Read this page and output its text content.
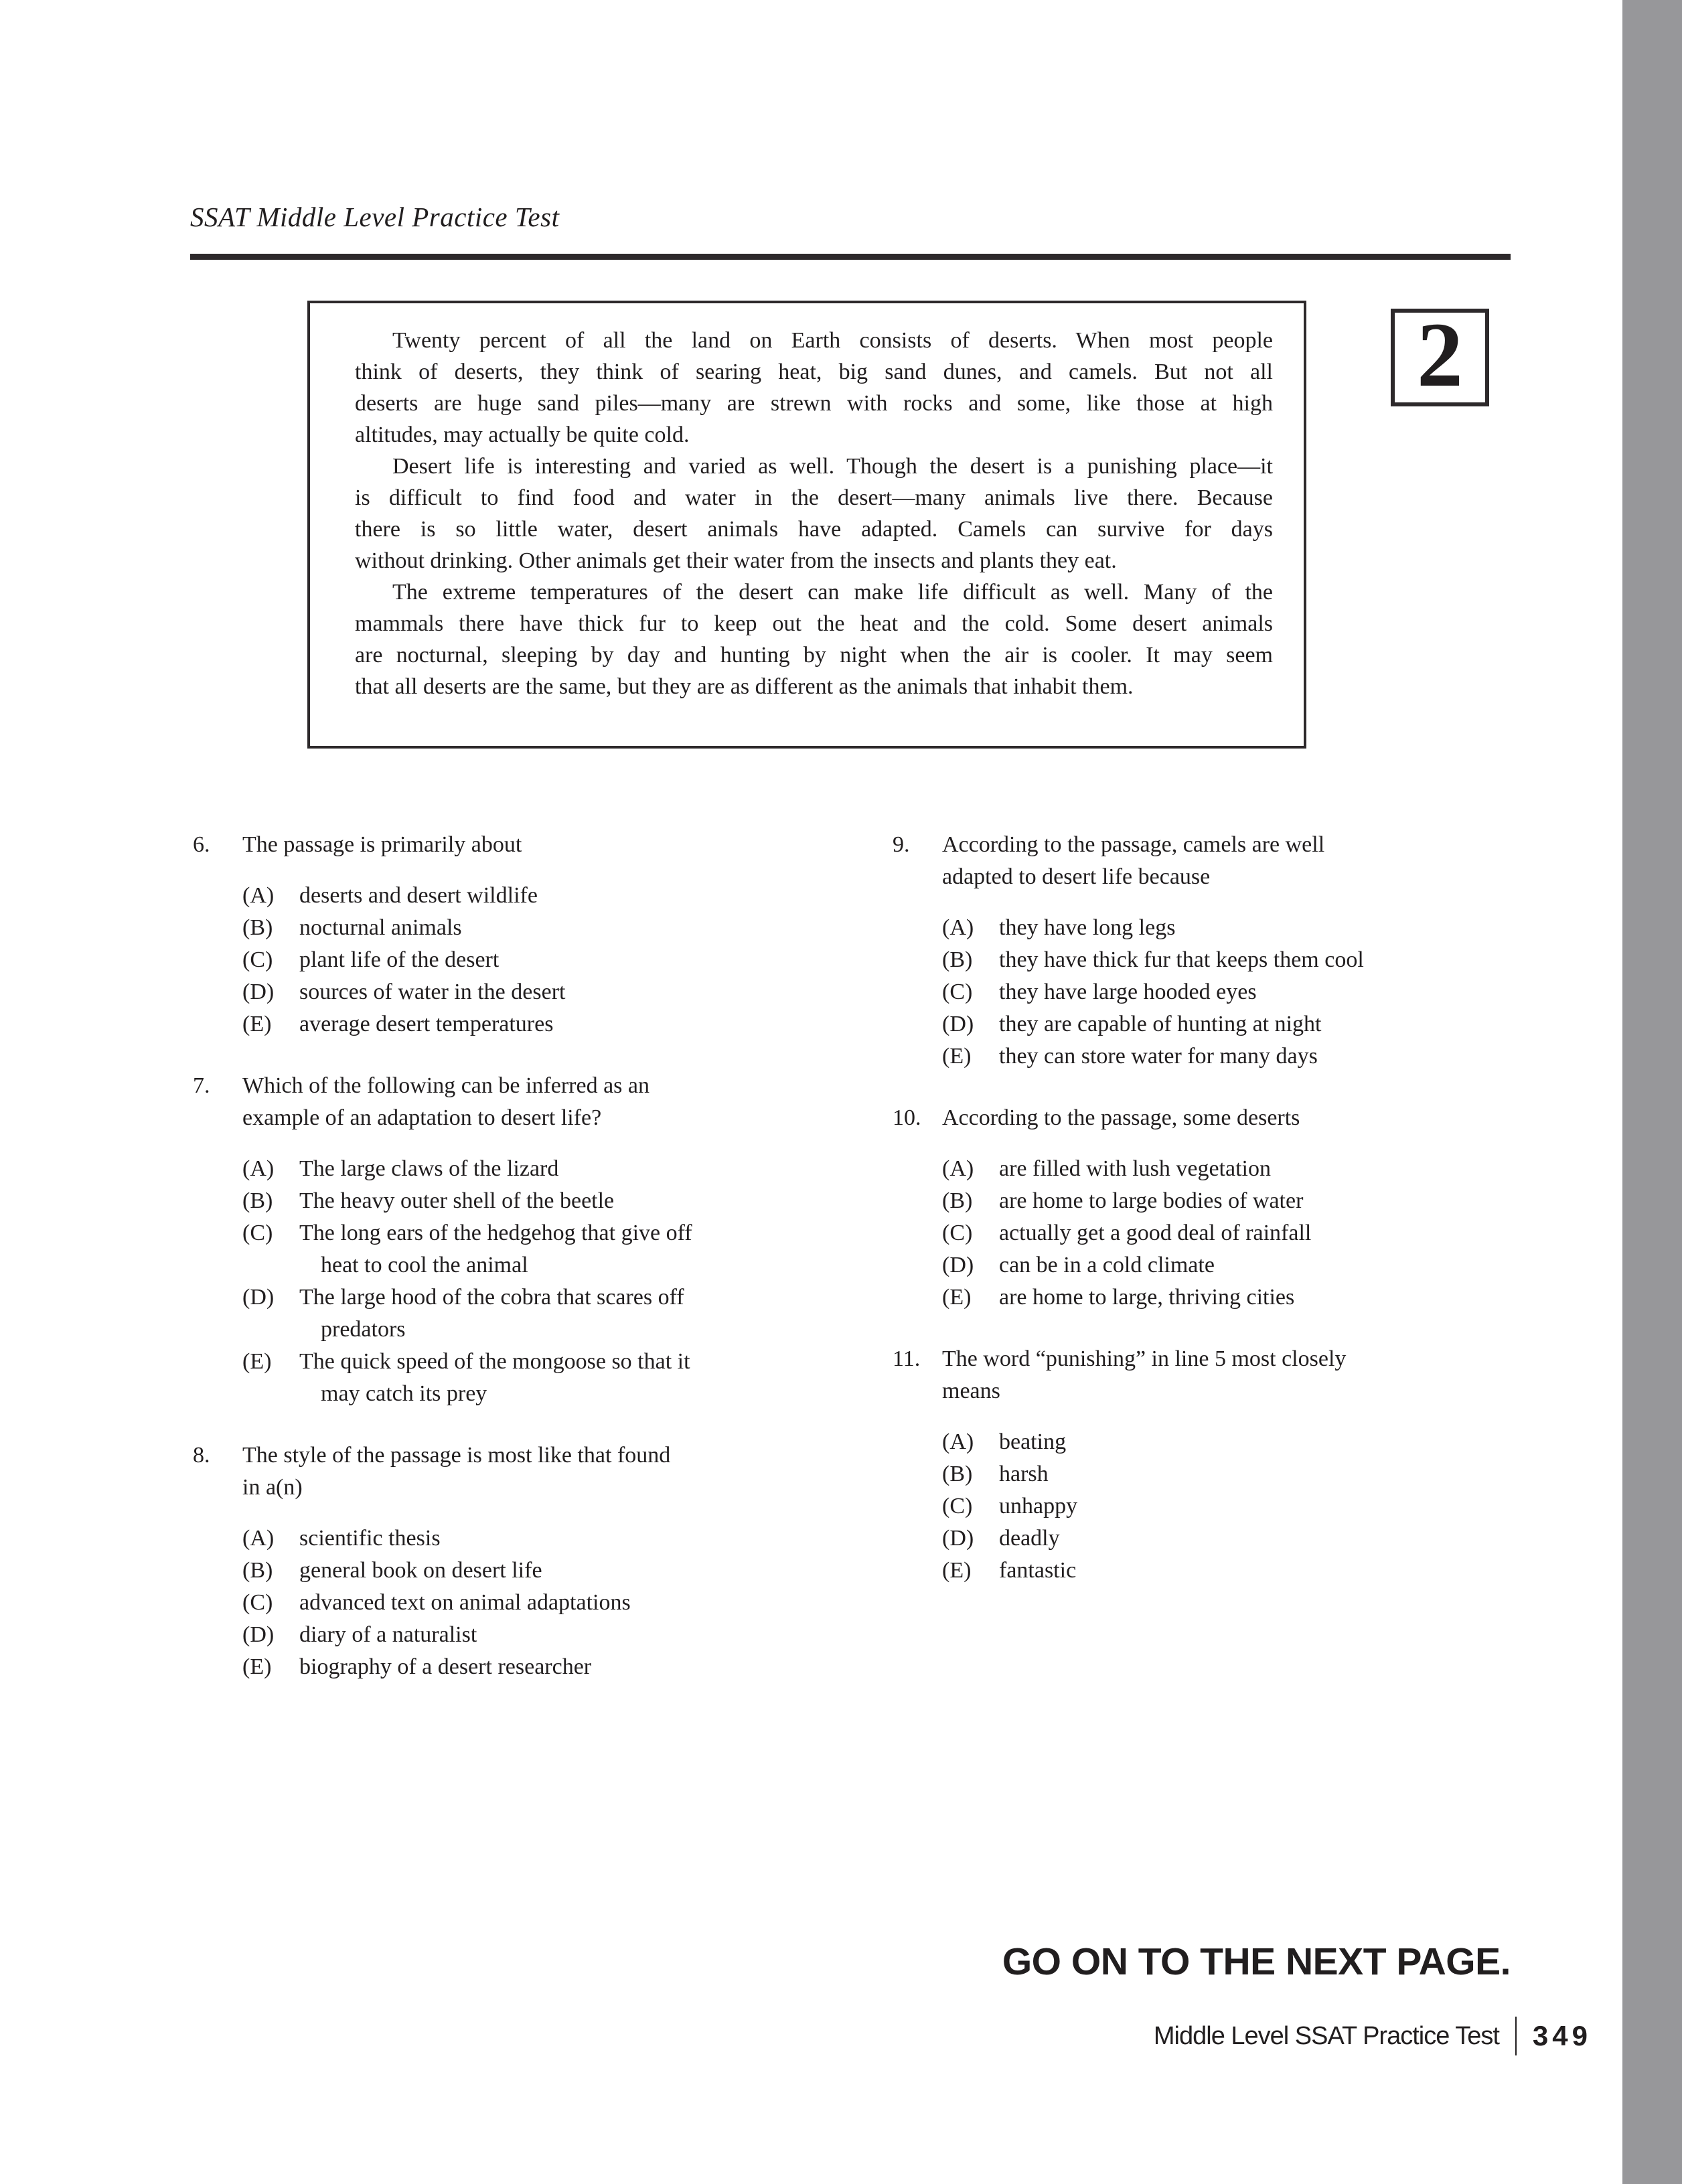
SSAT Middle Level Practice Test
Twenty percent of all the land on Earth consists of deserts. When most people
think of deserts, they think of searing heat, big sand dunes, and camels. But not all
deserts are huge sand piles—many are strewn with rocks and some, like those at high
altitudes, may actually be quite cold.
Desert life is interesting and varied as well. Though the desert is a punishing place—it
is difficult to find food and water in the desert—many animals live there. Because
there is so little water, desert animals have adapted. Camels can survive for days
without drinking. Other animals get their water from the insects and plants they eat.
The extreme temperatures of the desert can make life difficult as well. Many of the
mammals there have thick fur to keep out the heat and the cold. Some desert animals
are nocturnal, sleeping by day and hunting by night when the air is cooler. It may seem
that all deserts are the same, but they are as different as the animals that inhabit them.
2
6.	The passage is primarily about
(A)	deserts and desert wildlife
(B)	nocturnal animals
(C)	plant life of the desert
(D)	sources of water in the desert
(E)	average desert temperatures
7.	Which of the following can be inferred as an
example of an adaptation to desert life?
(A)	The large claws of the lizard
(B)	The heavy outer shell of the beetle
(C)	The long ears of the hedgehog that give off
heat to cool the animal
(D)	The large hood of the cobra that scares off
predators
(E)	The quick speed of the mongoose so that it
may catch its prey
8.	The style of the passage is most like that found
in a(n)
(A)	scientific thesis
(B)	general book on desert life
(C)	advanced text on animal adaptations
(D)	diary of a naturalist
(E)	biography of a desert researcher
9.	According to the passage, camels are well
adapted to desert life because
(A)	they have long legs
(B)	they have thick fur that keeps them cool
(C)	they have large hooded eyes
(D)	they are capable of hunting at night
(E)	they can store water for many days
10. According to the passage, some deserts
(A)	are filled with lush vegetation
(B)	are home to large bodies of water
(C)	actually get a good deal of rainfall
(D)	can be in a cold climate
(E)	are home to large, thriving cities
11. The word “punishing” in line 5 most closely
means
(A)	beating
(B)	harsh
(C)	unhappy
(D)	deadly
(E)	fantastic
GO ON TO THE NEXT PAGE.
Middle Level SSAT Practice Test 349
